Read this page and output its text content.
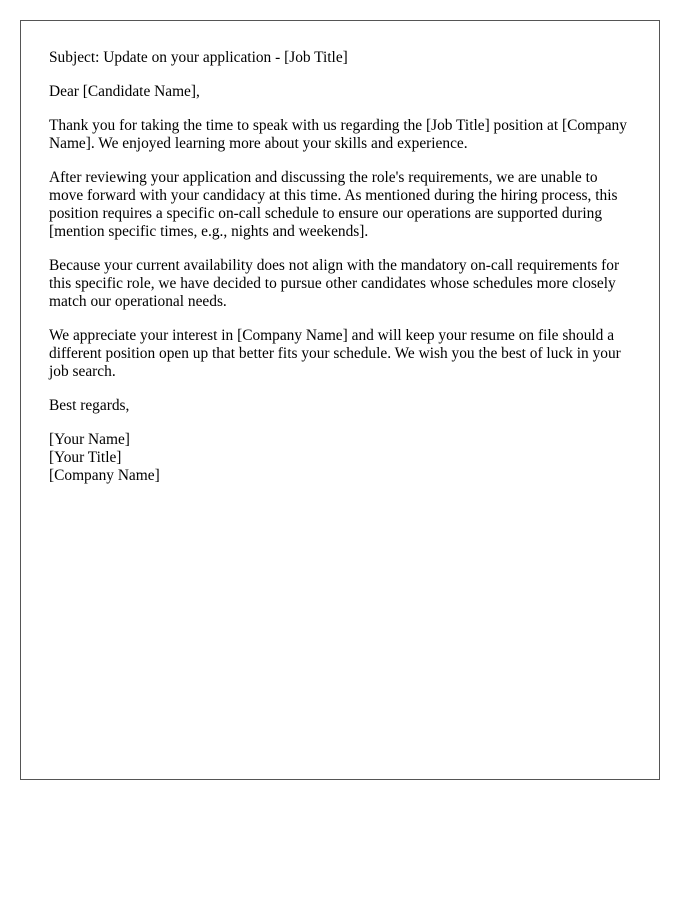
Subject: Update on your application - [Job Title]

Dear [Candidate Name],

Thank you for taking the time to speak with us regarding the [Job Title] position at [Company Name]. We enjoyed learning more about your skills and experience.

After reviewing your application and discussing the role's requirements, we are unable to move forward with your candidacy at this time. As mentioned during the hiring process, this position requires a specific on-call schedule to ensure our operations are supported during [mention specific times, e.g., nights and weekends].

Because your current availability does not align with the mandatory on-call requirements for this specific role, we have decided to pursue other candidates whose schedules more closely match our operational needs.

We appreciate your interest in [Company Name] and will keep your resume on file should a different position open up that better fits your schedule. We wish you the best of luck in your job search.

Best regards,

[Your Name]
[Your Title]
[Company Name]
